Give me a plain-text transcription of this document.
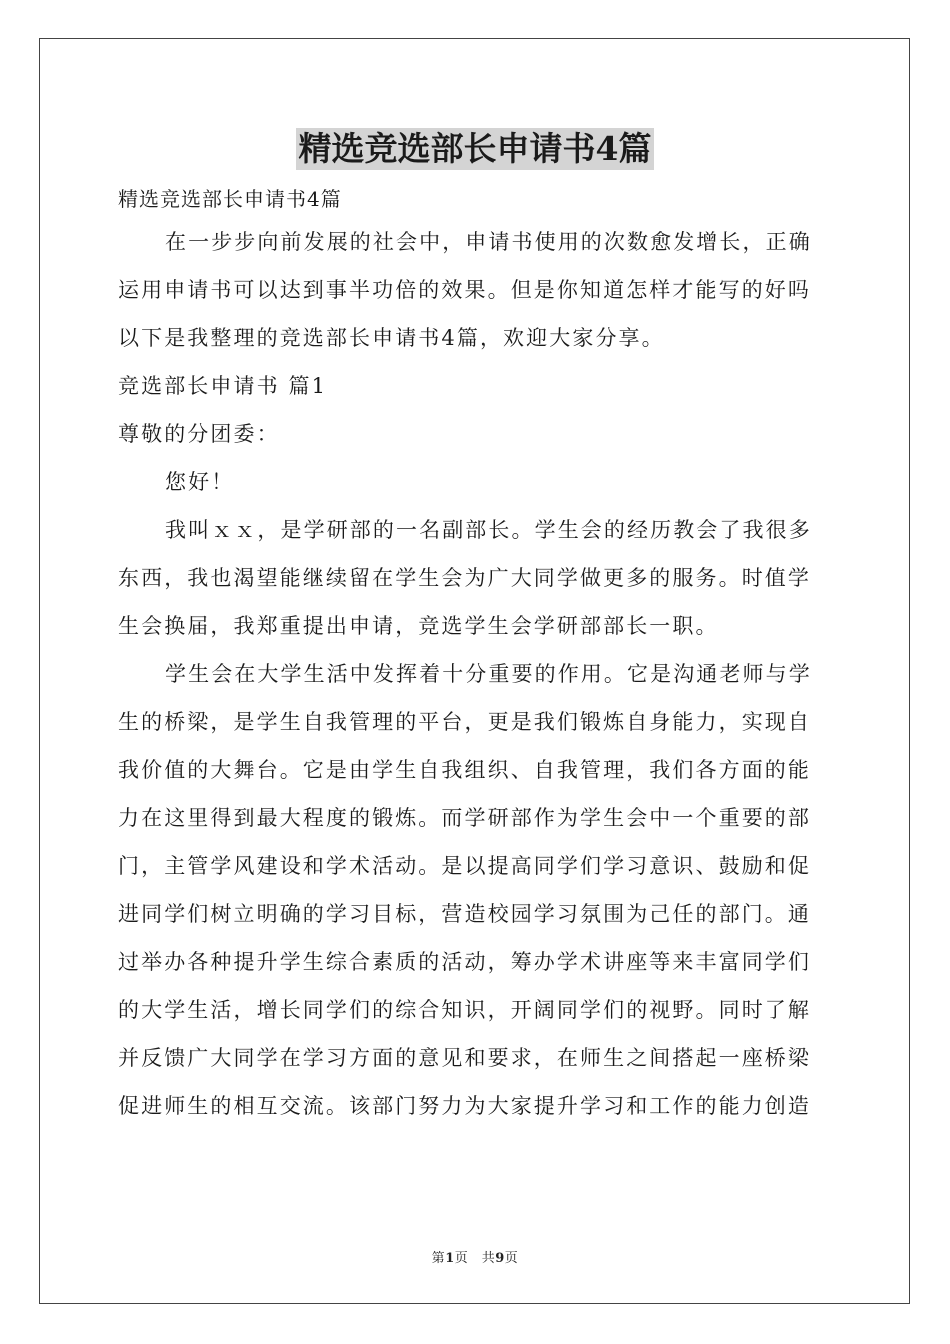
精选竞选部长申请书4篇
精选竞选部长申请书4篇
在一步步向前发展的社会中，申请书使用的次数愈发增长，正确
运用申请书可以达到事半功倍的效果。但是你知道怎样才能写的好吗
以下是我整理的竞选部长申请书4篇，欢迎大家分享。
竞选部长申请书 篇1
尊敬的分团委：
您好！
我叫ｘｘ，是学研部的一名副部长。学生会的经历教会了我很多
东西，我也渴望能继续留在学生会为广大同学做更多的服务。时值学
生会换届，我郑重提出申请，竞选学生会学研部部长一职。
学生会在大学生活中发挥着十分重要的作用。它是沟通老师与学
生的桥梁，是学生自我管理的平台，更是我们锻炼自身能力，实现自
我价值的大舞台。它是由学生自我组织、自我管理，我们各方面的能
力在这里得到最大程度的锻炼。而学研部作为学生会中一个重要的部
门，主管学风建设和学术活动。是以提高同学们学习意识、鼓励和促
进同学们树立明确的学习目标，营造校园学习氛围为己任的部门。通
过举办各种提升学生综合素质的活动，筹办学术讲座等来丰富同学们
的大学生活，增长同学们的综合知识，开阔同学们的视野。同时了解
并反馈广大同学在学习方面的意见和要求，在师生之间搭起一座桥梁
促进师生的相互交流。该部门努力为大家提升学习和工作的能力创造
第1页　共9页
